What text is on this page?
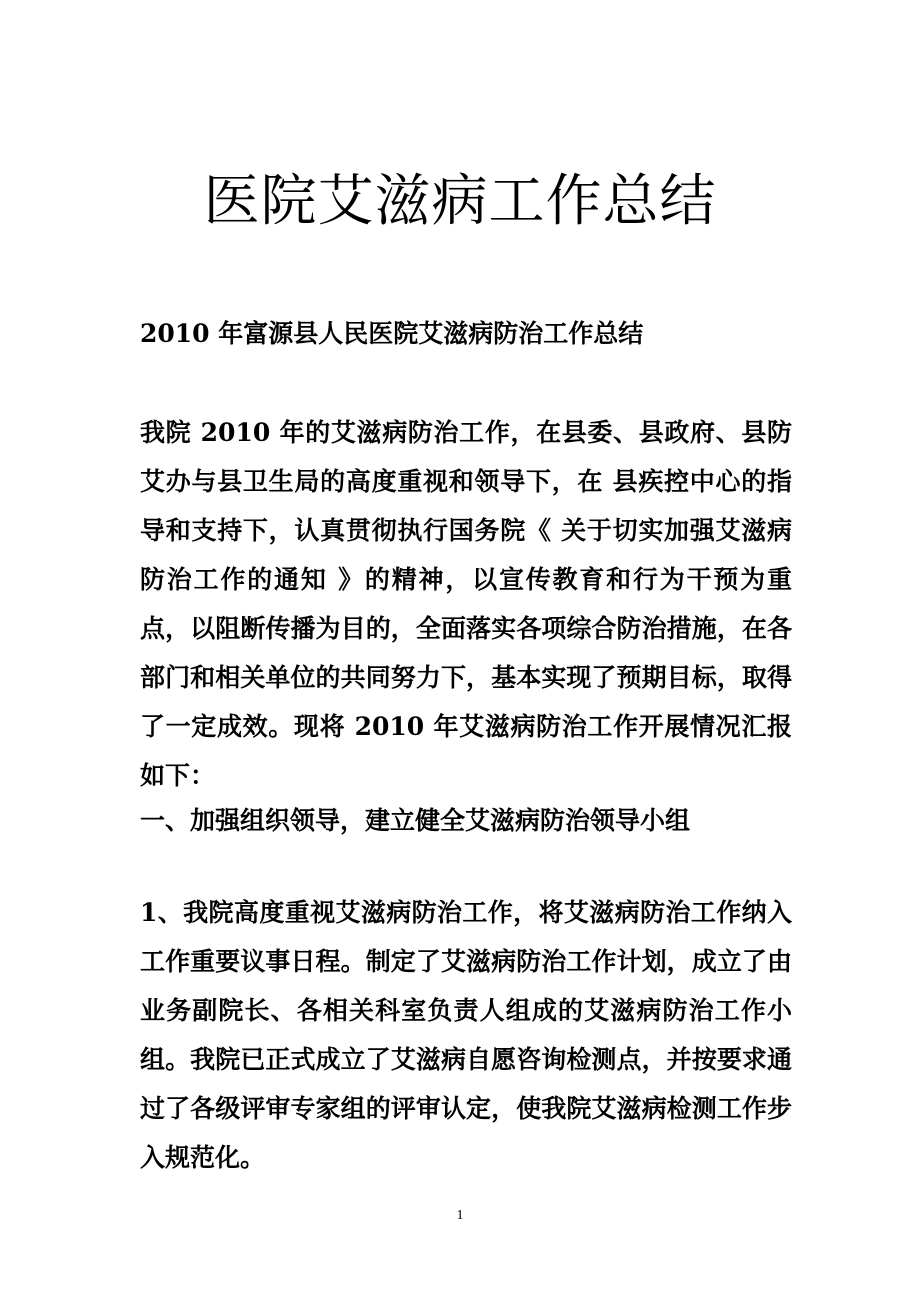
医院艾滋病工作总结

2010 年富源县人民医院艾滋病防治工作总结

我院 2010 年的艾滋病防治工作，在县委、县政府、县防艾办与县卫生局的高度重视和领导下，在 县疾控中心的指导和支持下，认真贯彻执行国务院《 关于切实加强艾滋病防治工作的通知 》的精神，以宣传教育和行为干预为重点，以阻断传播为目的，全面落实各项综合防治措施，在各部门和相关单位的共同努力下，基本实现了预期目标，取得了一定成效。现将 2010 年艾滋病防治工作开展情况汇报如下：

一、加强组织领导，建立健全艾滋病防治领导小组

1、我院高度重视艾滋病防治工作，将艾滋病防治工作纳入工作重要议事日程。制定了艾滋病防治工作计划，成立了由业务副院长、各相关科室负责人组成的艾滋病防治工作小组。我院已正式成立了艾滋病自愿咨询检测点，并按要求通过了各级评审专家组的评审认定，使我院艾滋病检测工作步入规范化。

1
